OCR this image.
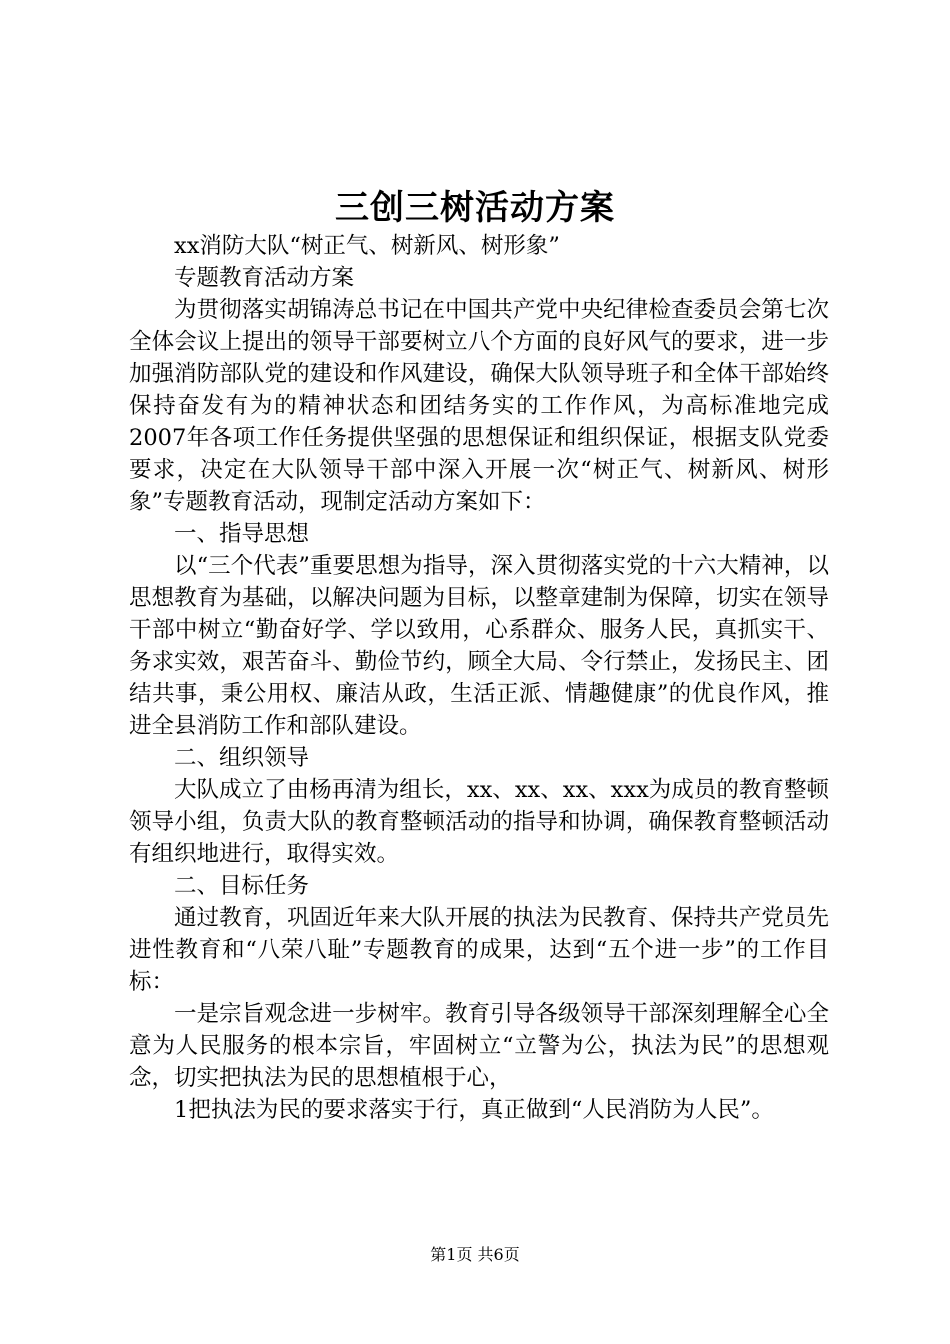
三创三树活动方案

xx消防大队“树正气、树新风、树形象”

专题教育活动方案

为贯彻落实胡锦涛总书记在中国共产党中央纪律检查委员会第七次全体会议上提出的领导干部要树立八个方面的良好风气的要求，进一步加强消防部队党的建设和作风建设，确保大队领导班子和全体干部始终保持奋发有为的精神状态和团结务实的工作作风，为高标准地完成2007年各项工作任务提供坚强的思想保证和组织保证，根据支队党委要求，决定在大队领导干部中深入开展一次“树正气、树新风、树形象”专题教育活动，现制定活动方案如下：

一、指导思想

以“三个代表”重要思想为指导，深入贯彻落实党的十六大精神，以思想教育为基础，以解决问题为目标，以整章建制为保障，切实在领导干部中树立“勤奋好学、学以致用，心系群众、服务人民，真抓实干、务求实效，艰苦奋斗、勤俭节约，顾全大局、令行禁止，发扬民主、团结共事，秉公用权、廉洁从政，生活正派、情趣健康”的优良作风，推进全县消防工作和部队建设。

二、组织领导

大队成立了由杨再清为组长，xx、xx、xx、xxx为成员的教育整顿领导小组，负责大队的教育整顿活动的指导和协调，确保教育整顿活动有组织地进行，取得实效。

二、目标任务

通过教育，巩固近年来大队开展的执法为民教育、保持共产党员先进性教育和“八荣八耻”专题教育的成果，达到“五个进一步”的工作目标：

一是宗旨观念进一步树牢。教育引导各级领导干部深刻理解全心全意为人民服务的根本宗旨，牢固树立“立警为公，执法为民”的思想观念，切实把执法为民的思想植根于心，

1把执法为民的要求落实于行，真正做到“人民消防为人民”。

第1页 共6页
